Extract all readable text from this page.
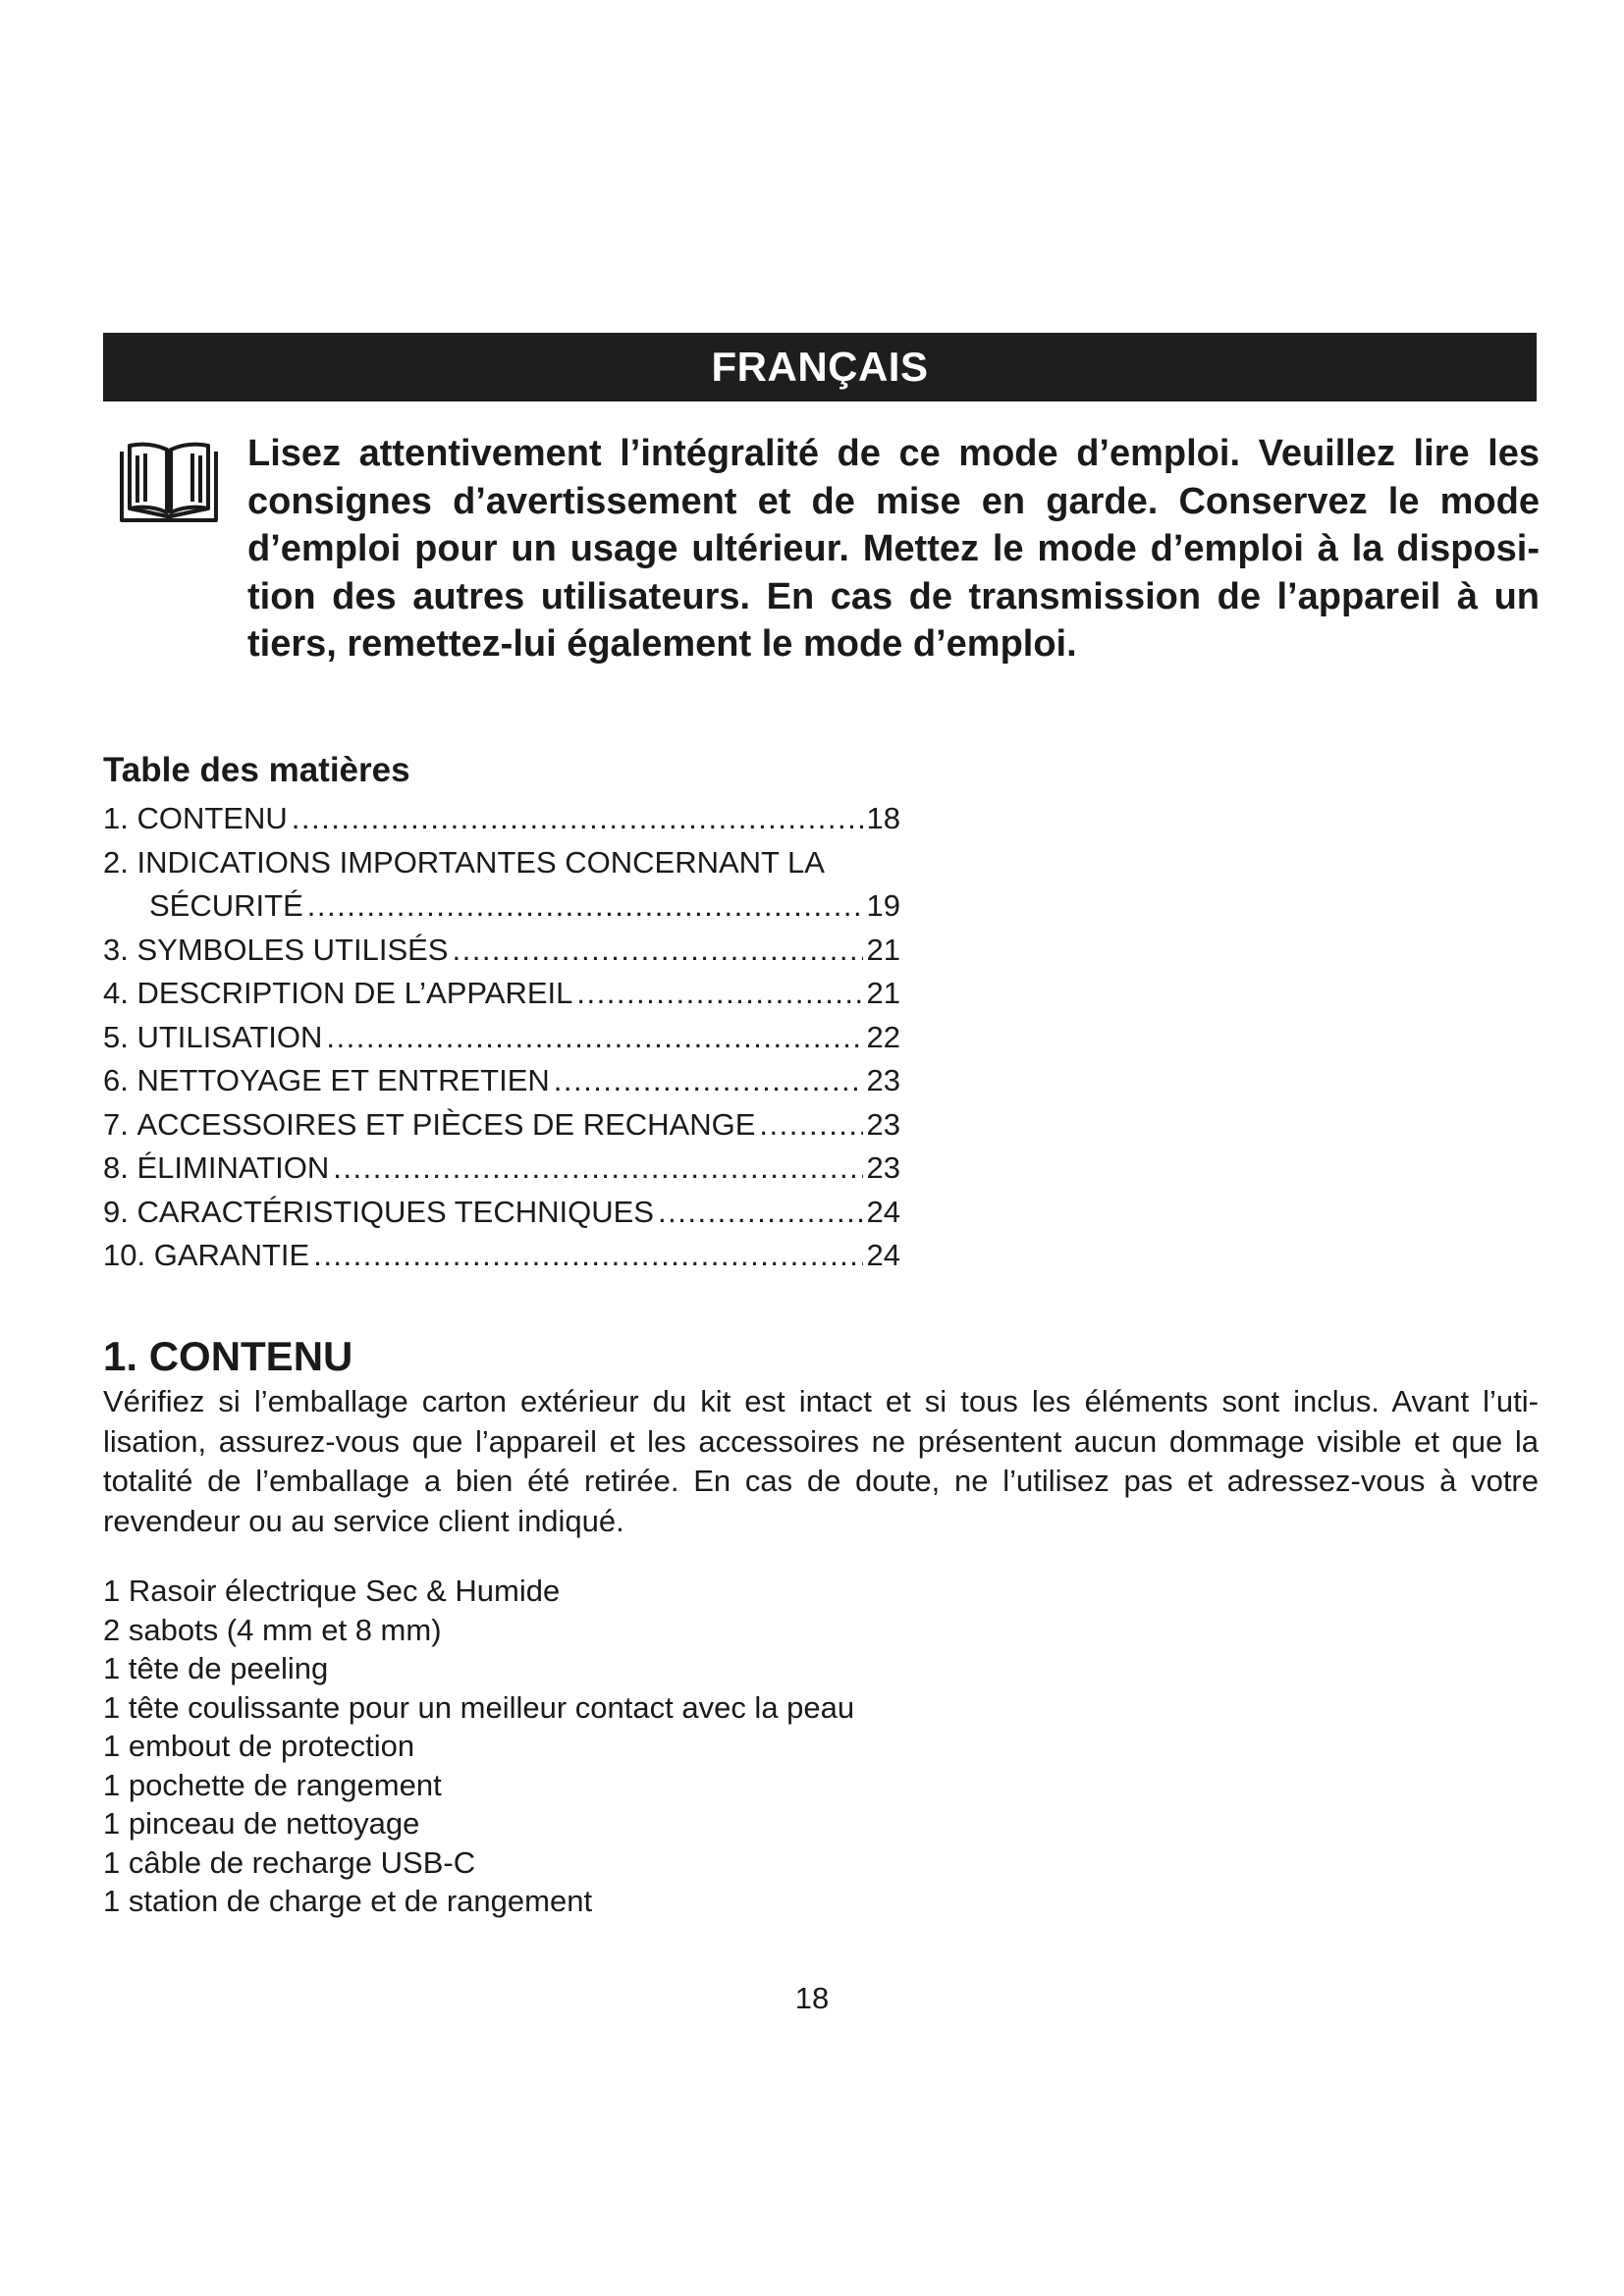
FRANÇAIS

Lisez attentivement l’intégralité de ce mode d’emploi. Veuillez lire les consignes d’avertissement et de mise en garde. Conservez le mode d’emploi pour un usage ultérieur. Mettez le mode d’emploi à la disposi-tion des autres utilisateurs. En cas de transmission de l’appareil à un tiers, remettez-lui également le mode d’emploi.

Table des matières
1.
CONTENU .....	18
2.
INDICATIONS IMPORTANTES CONCERNANT LA
SÉCURITÉ .....	19
3.
SYMBOLES UTILISÉS .....	21
4.
DESCRIPTION DE L’APPAREIL .....	21
5.
UTILISATION .....	22
6.
NETTOYAGE ET ENTRETIEN .....	23
7.
ACCESSOIRES ET PIÈCES DE RECHANGE .....	23
8.
ÉLIMINATION .....	23
9.
CARACTÉRISTIQUES TECHNIQUES .....	24
10.
GARANTIE .....	24
1. CONTENU

Vérifiez si l’emballage carton extérieur du kit est intact et si tous les éléments sont inclus. Avant l’uti-lisation, assurez-vous que l’appareil et les accessoires ne présentent aucun dommage visible et que la totalité de l’emballage a bien été retirée. En cas de doute, ne l’utilisez pas et adressez-vous à votre revendeur ou au service client indiqué.

1 Rasoir électrique Sec & Humide
2 sabots (4 mm et 8 mm)
1 tête de peeling
1 tête coulissante pour un meilleur contact avec la peau
1 embout de protection
1 pochette de rangement
1 pinceau de nettoyage
1 câble de recharge USB-C
1 station de charge et de rangement

18
